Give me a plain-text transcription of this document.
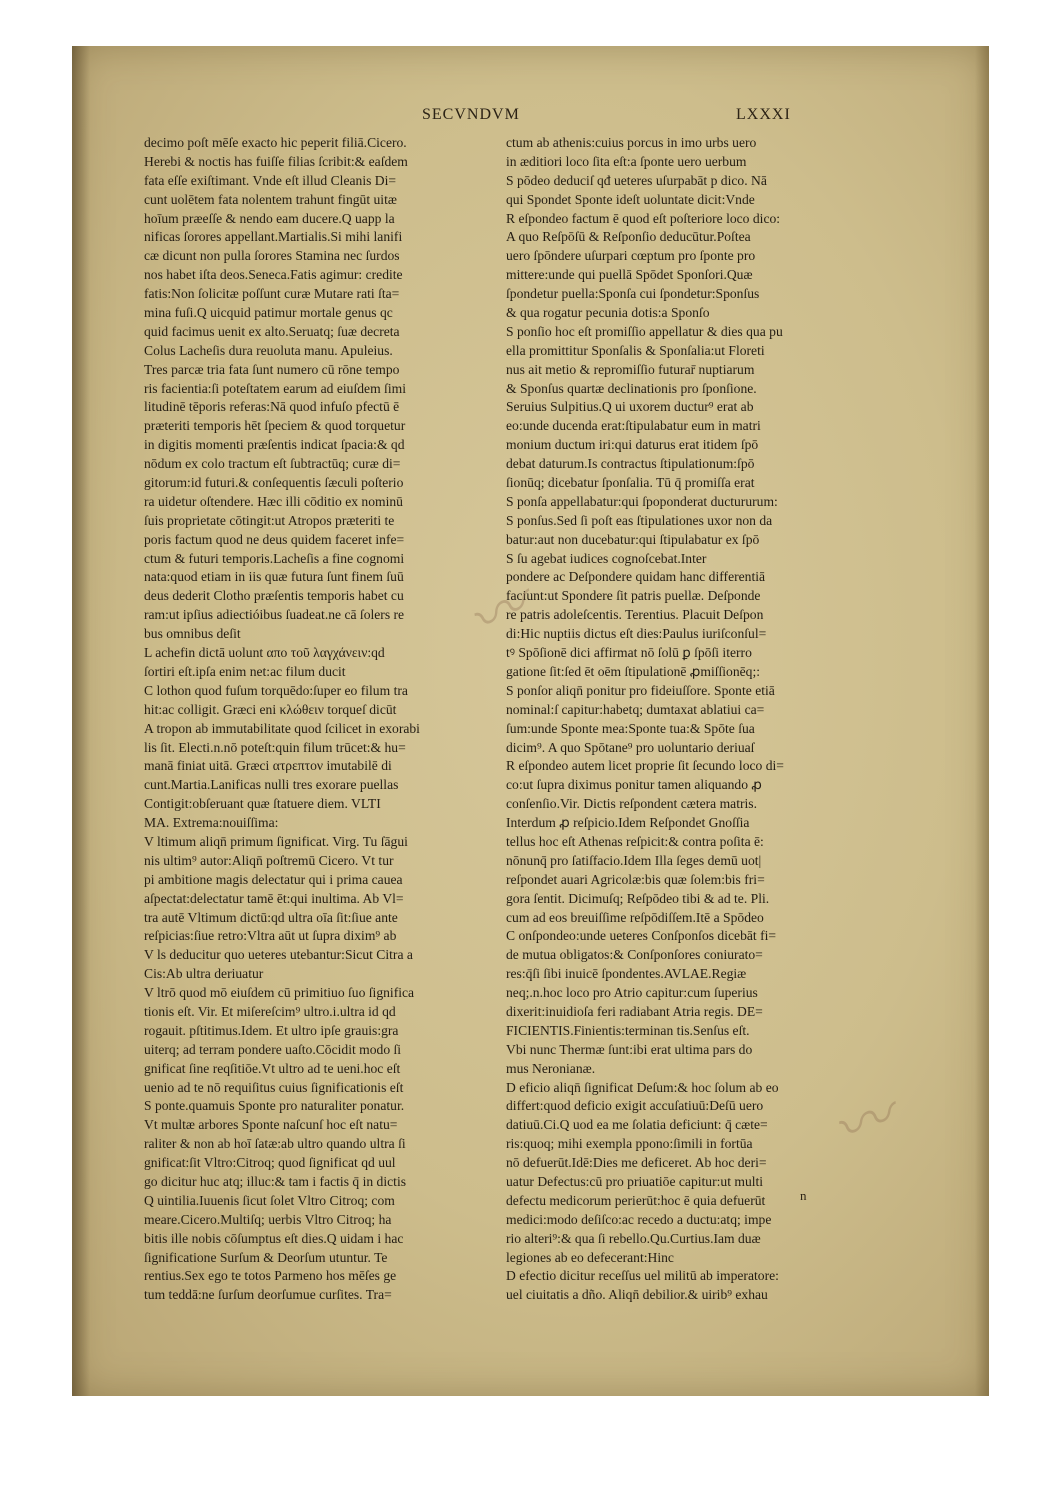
SECVNDVM	LXXXI
decimo poſt mēſe exacto hic peperit filiā.Cicero.
Herebi & noctis has fuiſſe filias ſcribit:& eaſdem
fata eſſe exiſtimant. Vnde eſt illud Cleanis Di=
cunt uolētem fata nolentem trahunt fingūt uitæ
hoīum præeſſe & nendo eam ducere.Q uapp la
nificas ſorores appellant.Martialis.Si mihi lanifi
cæ dicunt non pulla ſorores Stamina nec ſurdos
nos habet iſta deos.Seneca.Fatis agimur: credite
fatis:Non ſolicitæ poſſunt curæ Mutare rati ſta=
mina fuſi.Q uicquid patimur mortale genus qc
quid facimus uenit ex alto.Seruatq; ſuæ decreta
Colus Lacheſis dura reuoluta manu. Apuleius.
Tres parcæ tria fata ſunt numero cū rōne tempo
ris facientia:ſi poteſtatem earum ad eiuſdem ſimi
litudinē tēporis referas:Nā quod infuſo pfectū ē
præteriti temporis hēt ſpeciem & quod torquetur
in digitis momenti præſentis indicat ſpacia:& qd
nōdum ex colo tractum eſt ſubtractūq; curæ di=
gitorum:id futuri.& conſequentis ſæculi poſterio
ra uidetur oſtendere. Hæc illi cōditio ex nominū
ſuis proprietate cōtingit:ut Atropos præteriti te
poris factum quod ne deus quidem faceret infe=
ctum & futuri temporis.Lacheſis a fine cognomi
nata:quod etiam in iis quæ futura ſunt finem ſuū
deus dederit Clotho præſentis temporis habet cu
ram:ut ipſius adiectióibus ſuadeat.ne cā ſolers re
bus omnibus deſit
L achefin dictā uolunt απο τοῦ λαγχάνειν:qd
ſortiri eſt.ipſa enim net:ac filum ducit
C lothon quod fuſum torquēdo:ſuper eo filum tra
hit:ac colligit. Græci eni κλώθειν torqueſ dicūt
A tropon ab immutabilitate quod ſcilicet in exorabi
lis ſit. Electi.n.nō poteſt:quin filum trūcet:& hu=
manā finiat uitā. Græci ατρεπτον imutabilē di
cunt.Martia.Lanificas nulli tres exorare puellas
Contigit:obſeruant quæ ſtatuere diem. VLTI
MA. Extrema:nouiſſima:
V ltimum aliqn̄ primum ſignificat. Virg. Tu ſāgui
nis ultim⁹ autor:Aliqn̄ poſtremū Cicero. Vt tur
pi ambitione magis delectatur qui i prima cauea
aſpectat:delectatur tamē ēt:qui inultima. Ab Vl=
tra autē Vltimum dictū:qd ultra oīa ſit:ſiue ante
reſpicias:ſiue retro:Vltra aūt ut ſupra dixim⁹ ab
V ls deducitur quo ueteres utebantur:Sicut Citra a
Cis:Ab ultra deriuatur
V ltrō quod mō eiuſdem cū primitiuo ſuo ſignifica
tionis eſt. Vir. Et miſereſcim⁹ ultro.i.ultra id qd
rogauit. pſtitimus.Idem. Et ultro ipſe grauis:gra
uiterq; ad terram pondere uaſto.Cōcidit modo ſi
gnificat ſine reqſitiōe.Vt ultro ad te ueni.hoc eſt
uenio ad te nō requiſitus cuius ſignificationis eſt
S ponte.quamuis Sponte pro naturaliter ponatur.
Vt multæ arbores Sponte naſcunſ hoc eſt natu=
raliter & non ab hoī ſatæ:ab ultro quando ultra ſi
gnificat:ſit Vltro:Citroq; quod ſignificat qd uul
go dicitur huc atq; illuc:& tam i factis q̄ in dictis
Q uintilia.Iuuenis ſicut ſolet Vltro Citroq; com
meare.Cicero.Multiſq; uerbis Vltro Citroq; ha
bitis ille nobis cōſumptus eſt dies.Q uidam i hac
ſignificatione Surſum & Deorſum utuntur. Te
rentius.Sex ego te totos Parmeno hos mēſes ge
tum teddā:ne ſurſum deorſumue curſites. Tra=
ctum ab athenis:cuius porcus in imo urbs uero
in æditiori loco ſita eſt:a ſponte uero uerbum
S pōdeo deduciſ qđ ueteres uſurpabāt p dico. Nā
qui Spondet Sponte ideſt uoluntate dicit:Vnde
R eſpondeo factum ē quod eſt poſteriore loco dico:
A quo Reſpōſū & Reſponſio deducūtur.Poſtea
uero ſpōndere uſurpari cœptum pro ſponte pro
mittere:unde qui puellā Spōdet Sponſori.Quæ
ſpondetur puella:Sponſa cui ſpondetur:Sponſus
& qua rogatur pecunia dotis:a Sponſo
S ponſio hoc eſt promiſſio appellatur & dies qua pu
ella promittitur Sponſalis & Sponſalia:ut Floreti
nus ait metio & repromiſſio futurar̄ nuptiarum
& Sponſus quartæ declinationis pro ſponſione.
Seruius Sulpitius.Q ui uxorem ductur⁹ erat ab
eo:unde ducenda erat:ſtipulabatur eum in matri
monium ductum iri:qui daturus erat itidem ſpō
debat daturum.Is contractus ſtipulationum:ſpō
ſionūq; dicebatur ſponſalia. Tū q̄ promiſſa erat
S ponſa appellabatur:qui ſpoponderat ductururum:
S ponſus.Sed ſi poſt eas ſtipulationes uxor non da
batur:aut non ducebatur:qui ſtipulabatur ex ſpō
S ſu agebat iudices cognoſcebat.Inter
pondere ac Deſpondere quidam hanc differentiā
faciunt:ut Spondere ſit patris puellæ. Deſponde
re patris adoleſcentis. Terentius. Placuit Deſpon
di:Hic nuptiis dictus eſt dies:Paulus iuriſconſul=
tꝰ Spōſionē dici affirmat nō ſolū ꝑ ſpōſi iterro
gatione ſit:ſed ēt oēm ſtipulationē ꝓmiſſionēq;:
S ponſor aliqn̄ ponitur pro fideiuſſore. Sponte etiā
nominal:ſ capitur:habetq; dumtaxat ablatiui ca=
ſum:unde Sponte mea:Sponte tua:& Spōte ſua
dicim⁹. A quo Spōtane⁹ pro uoluntario deriuaſ
R eſpondeo autem licet proprie ſit ſecundo loco di=
co:ut ſupra diximus ponitur tamen aliquando ꝓ
conſenſio.Vir. Dictis reſpondent cætera matris.
Interdum ꝓ reſpicio.Idem Reſpondet Gnoſſia
tellus hoc eſt Athenas reſpicit:& contra poſita ē:
nōnunq̄ pro ſatiſfacio.Idem Illa ſeges demū uot|
reſpondet auari Agricolæ:bis quæ ſolem:bis fri=
gora ſentit. Dicimuſq; Reſpōdeo tibi & ad te. Pli.
cum ad eos breuiſſime reſpōdiſſem.Itē a Spōdeo
C onſpondeo:unde ueteres Conſponſos dicebāt fi=
de mutua obligatos:& Conſponſores coniurato=
res:q̄ſi ſibi inuicē ſpondentes.AVLAE.Regiæ
neq;.n.hoc loco pro Atrio capitur:cum ſuperius
dixerit:inuidioſa feri radiabant Atria regis. DE=
FICIENTIS.Finientis:terminan tis.Senſus eſt.
Vbi nunc Thermæ ſunt:ibi erat ultima pars do
mus Neronianæ.
D eficio aliqn̄ ſignificat Deſum:& hoc ſolum ab eo
differt:quod deficio exigit accuſatiuū:Deſū uero
datiuū.Ci.Q uod ea me ſolatia deficiunt: q̄ cæte=
ris:quoq; mihi exempla ppono:ſimili in fortūa
nō defuerūt.Idē:Dies me deficeret. Ab hoc deri=
uatur Defectus:cū pro priuatiōe capitur:ut multi
defectu medicorum perierūt:hoc ē quia defuerūt
medici:modo deſiſco:ac recedo a ductu:atq; impe
rio alteri⁹:& qua ſi rebello.Qu.Curtius.Iam duæ
legiones ab eo defecerant:Hinc
D efectio dicitur receſſus uel militū ab imperatore:
uel ciuitatis a dño. Aliqn̄ debilior.& uirib⁹ exhau
n
〰
〰
